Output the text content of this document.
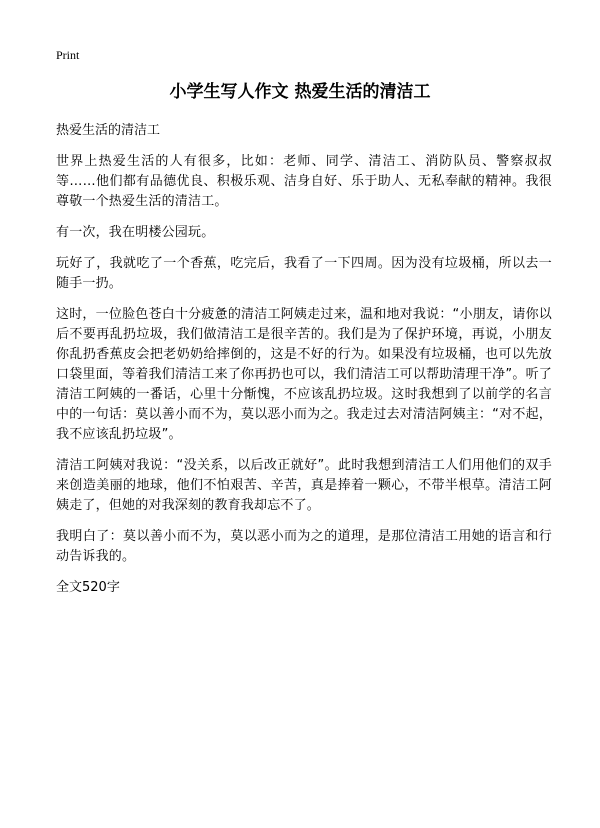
Print
小学生写人作文 热爱生活的清洁工

热爱生活的清洁工

世界上热爱生活的人有很多，比如：老师、同学、清洁工、消防队员、警察叔叔等……他们都有品德优良、积极乐观、洁身自好、乐于助人、无私奉献的精神。我很尊敬一个热爱生活的清洁工。

有一次，我在明楼公园玩。

玩好了，我就吃了一个香蕉，吃完后，我看了一下四周。因为没有垃圾桶，所以去一随手一扔。

这时，一位脸色苍白十分疲惫的清洁工阿姨走过来，温和地对我说：“小朋友，请你以后不要再乱扔垃圾，我们做清洁工是很辛苦的。我们是为了保护环境，再说，小朋友你乱扔香蕉皮会把老奶奶给摔倒的，这是不好的行为。如果没有垃圾桶，也可以先放口袋里面，等着我们清洁工来了你再扔也可以，我们清洁工可以帮助清理干净”。听了清洁工阿姨的一番话，心里十分惭愧，不应该乱扔垃圾。这时我想到了以前学的名言中的一句话：莫以善小而不为，莫以恶小而为之。我走过去对清洁阿姨主：“对不起，我不应该乱扔垃圾”。

清洁工阿姨对我说：“没关系，以后改正就好”。此时我想到清洁工人们用他们的双手来创造美丽的地球，他们不怕艰苦、辛苦，真是捧着一颗心，不带半根草。清洁工阿姨走了，但她的对我深刻的教育我却忘不了。

我明白了：莫以善小而不为，莫以恶小而为之的道理，是那位清洁工用她的语言和行动告诉我的。

全文520字
